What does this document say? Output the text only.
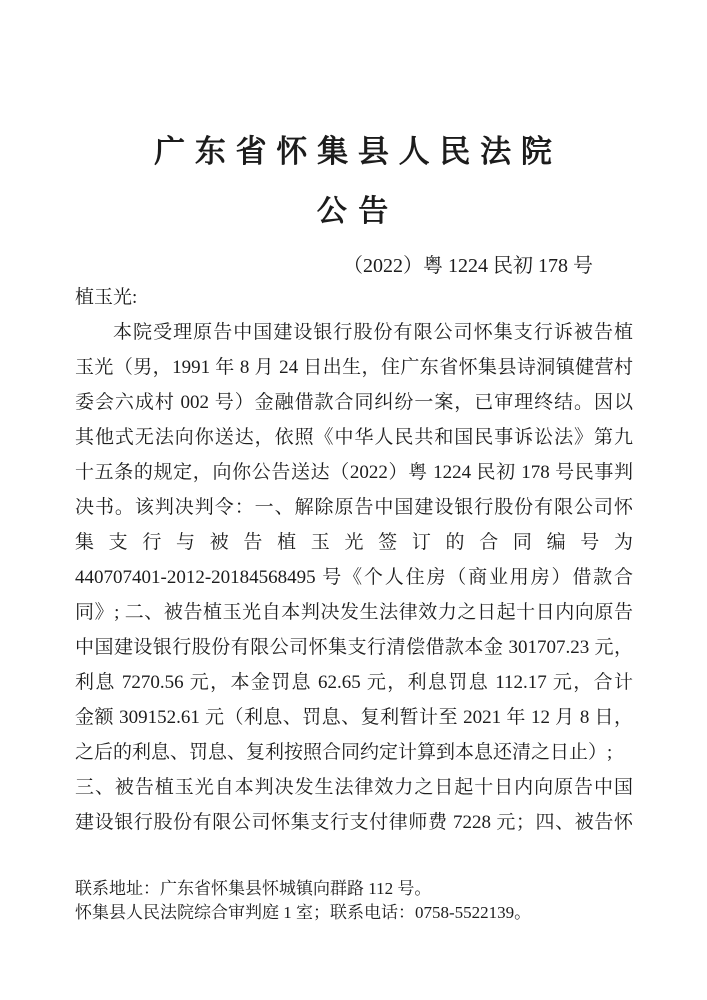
广 东 省 怀 集 县 人 民 法 院
公 告
（2022）粤 1224 民初 178 号
植玉光:
本院受理原告中国建设银行股份有限公司怀集支行诉被告植
玉光（男，1991 年 8 月 24 日出生，住广东省怀集县诗洞镇健营村
委会六成村 002 号）金融借款合同纠纷一案，已审理终结。因以
其他式无法向你送达，依照《中华人民共和国民事诉讼法》第九
十五条的规定，向你公告送达（2022）粤 1224 民初 178 号民事判
决书。该判决判令：一、解除原告中国建设银行股份有限公司怀
集支行与被告植玉光签订的合同编号为
440707401-2012-20184568495 号《个人住房（商业用房）借款合
同》; 二、被告植玉光自本判决发生法律效力之日起十日内向原告
中国建设银行股份有限公司怀集支行清偿借款本金 301707.23 元，
利息 7270.56 元，本金罚息 62.65 元，利息罚息 112.17 元，合计
金额 309152.61 元（利息、罚息、复利暂计至 2021 年 12 月 8 日，
之后的利息、罚息、复利按照合同约定计算到本息还清之日止）;
三、被告植玉光自本判决发生法律效力之日起十日内向原告中国
建设银行股份有限公司怀集支行支付律师费 7228 元；四、被告怀
联系地址：广东省怀集县怀城镇向群路 112 号。
怀集县人民法院综合审判庭 1 室；联系电话：0758-5522139。
